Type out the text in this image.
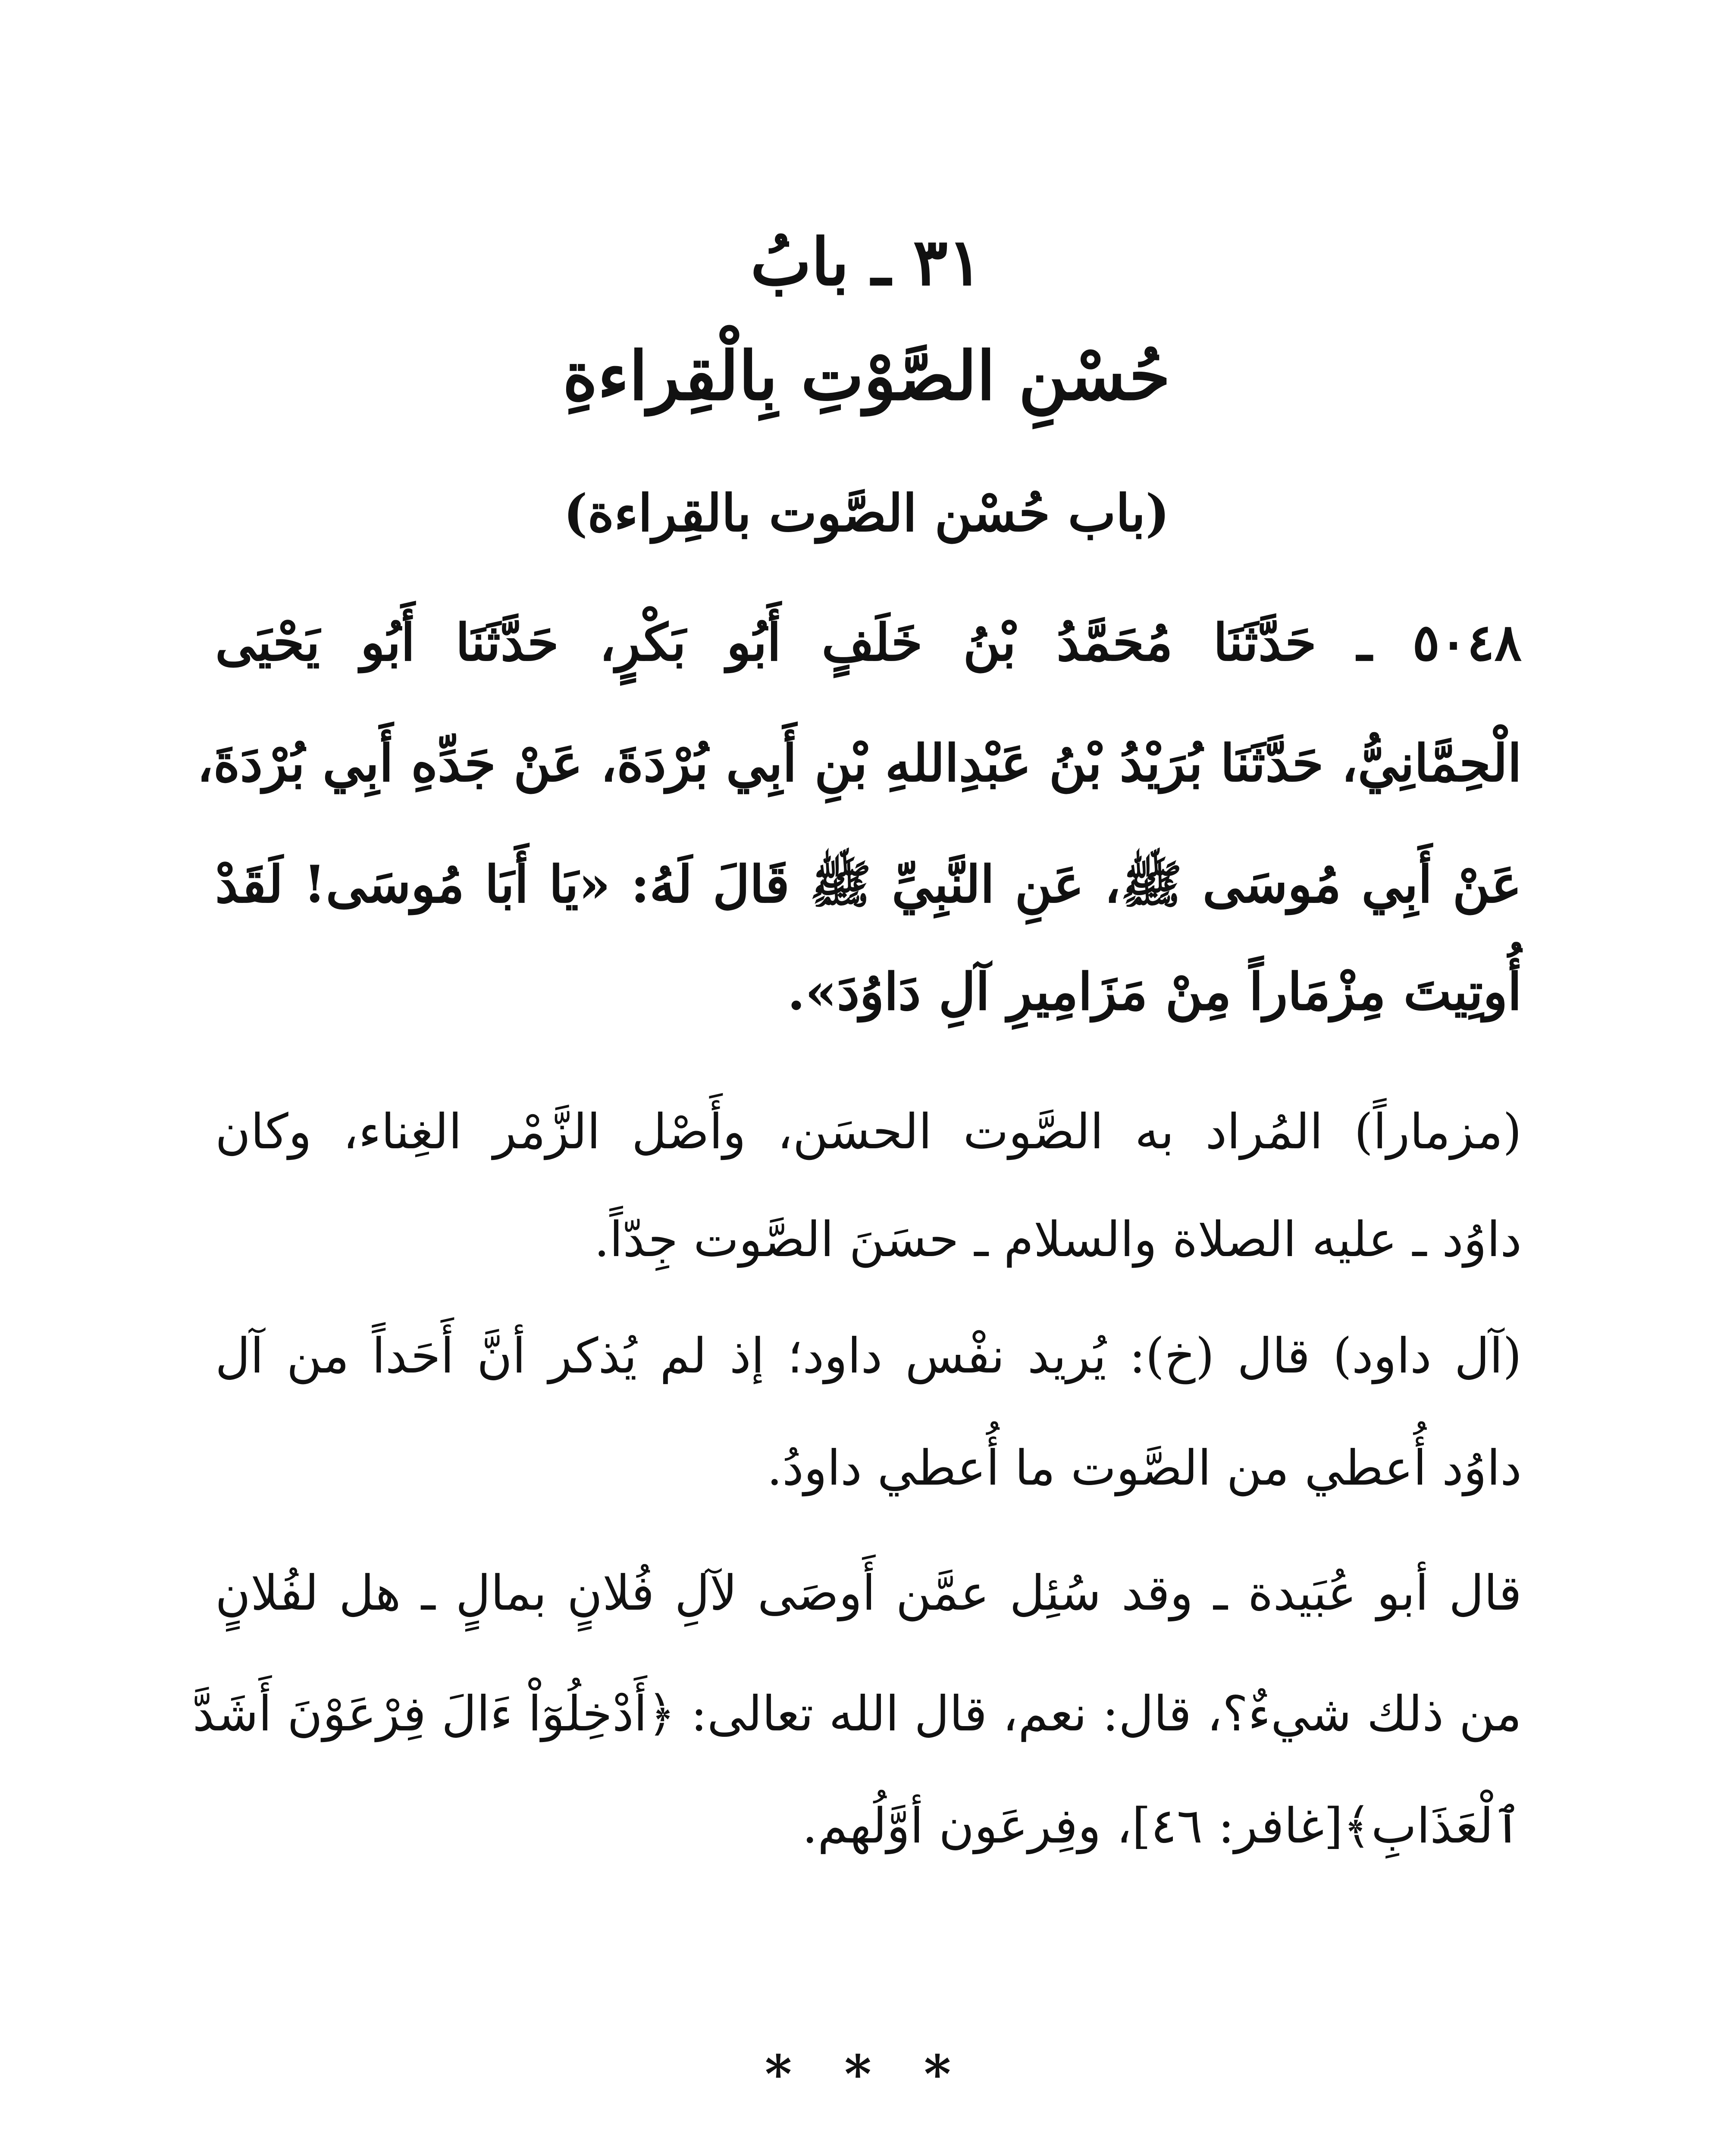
٣١ ـ بابُ
حُسْنِ الصَّوْتِ بِالْقِراءةِ
(باب حُسْن الصَّوت بالقِراءة)
٥٠٤٨ ـ حَدَّثَنَا مُحَمَّدُ بْنُ خَلَفٍ أَبُو بَكْرٍ، حَدَّثَنَا أَبُو يَحْيَى
الْحِمَّانِيُّ، حَدَّثَنَا بُرَيْدُ بْنُ عَبْدِاللهِ بْنِ أَبِي بُرْدَةَ، عَنْ جَدِّهِ أَبِي بُرْدَةَ،
عَنْ أَبِي مُوسَى ﷺ، عَنِ النَّبِيِّ ﷺ قَالَ لَهُ: «يَا أَبَا مُوسَى! لَقَدْ
أُوتِيتَ مِزْمَاراً مِنْ مَزَامِيرِ آلِ دَاوُدَ».
(مزماراً) المُراد به الصَّوت الحسَن، وأَصْل الزَّمْر الغِناء، وكان
داوُد ـ عليه الصلاة والسلام ـ حسَنَ الصَّوت جِدّاً.
(آل داود) قال (خ): يُريد نفْس داود؛ إذ لم يُذكر أنَّ أَحَداً من آل
داوُد أُعطي من الصَّوت ما أُعطي داودُ.
قال أبو عُبَيدة ـ وقد سُئِل عمَّن أَوصَى لآلِ فُلانٍ بمالٍ ـ هل لفُلانٍ
من ذلك شيءٌ؟، قال: نعم، قال الله تعالى: ﴿أَدْخِلُوٓاْ ءَالَ فِرْعَوْنَ أَشَدَّ
ٱلْعَذَابِ﴾[غافر: ٤٦]، وفِرعَون أوَّلُهم.
* * *
